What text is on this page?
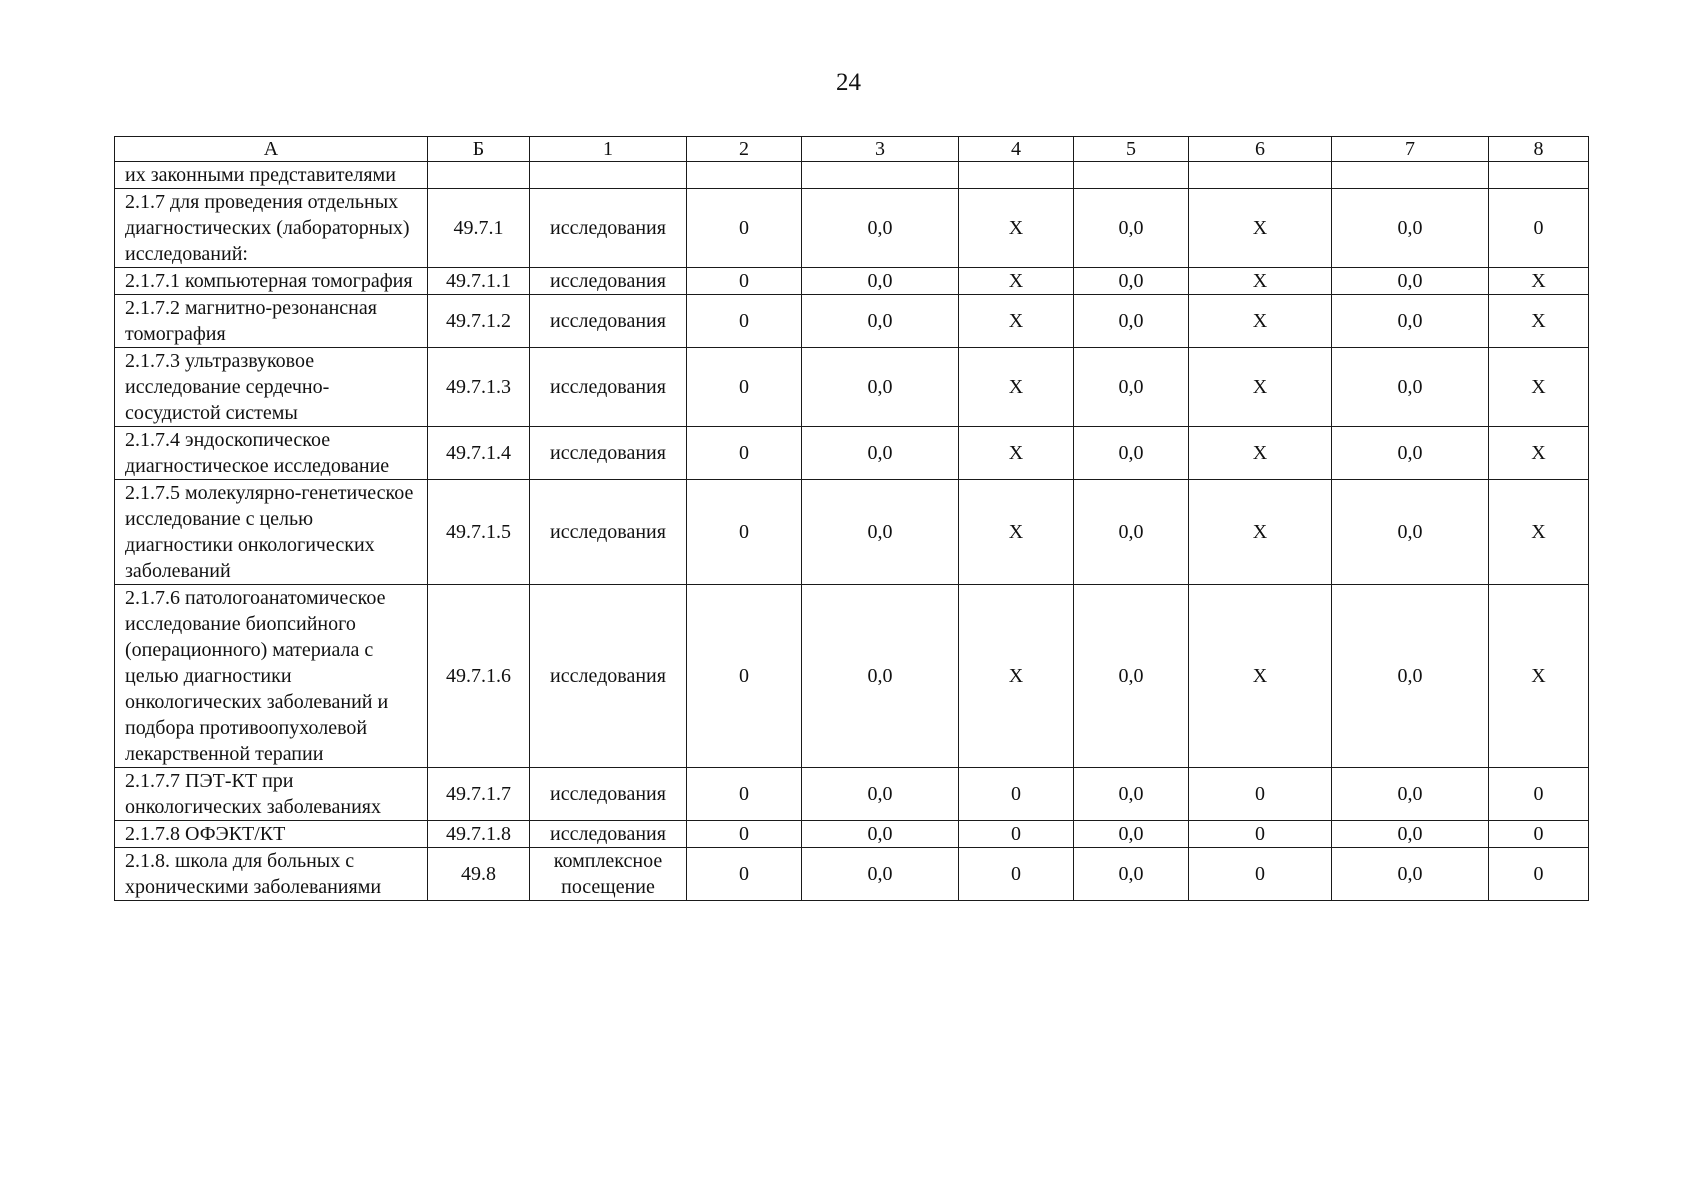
24
А	Б	1	2	3	4	5	6	7	8
их законными представителями									
2.1.7 для проведения отдельных диагностических (лабораторных) исследований:	49.7.1	исследования	0	0,0	Х	0,0	Х	0,0	0
2.1.7.1 компьютерная томография	49.7.1.1	исследования	0	0,0	Х	0,0	Х	0,0	Х
2.1.7.2 магнитно-резонансная томография	49.7.1.2	исследования	0	0,0	Х	0,0	Х	0,0	Х
2.1.7.3 ультразвуковое исследование сердечно-сосудистой системы	49.7.1.3	исследования	0	0,0	Х	0,0	Х	0,0	Х
2.1.7.4 эндоскопическое диагностическое исследование	49.7.1.4	исследования	0	0,0	Х	0,0	Х	0,0	Х
2.1.7.5 молекулярно-генетическое исследование с целью диагностики онкологических заболеваний	49.7.1.5	исследования	0	0,0	Х	0,0	Х	0,0	Х
2.1.7.6 патологоанатомическое исследование биопсийного (операционного) материала с целью диагностики онкологических заболеваний и подбора противоопухолевой лекарственной терапии	49.7.1.6	исследования	0	0,0	Х	0,0	Х	0,0	Х
2.1.7.7 ПЭТ-КТ при онкологических заболеваниях	49.7.1.7	исследования	0	0,0	0	0,0	0	0,0	0
2.1.7.8 ОФЭКТ/КТ	49.7.1.8	исследования	0	0,0	0	0,0	0	0,0	0
2.1.8. школа для больных с хроническими заболеваниями	49.8	комплексное посещение	0	0,0	0	0,0	0	0,0	0
